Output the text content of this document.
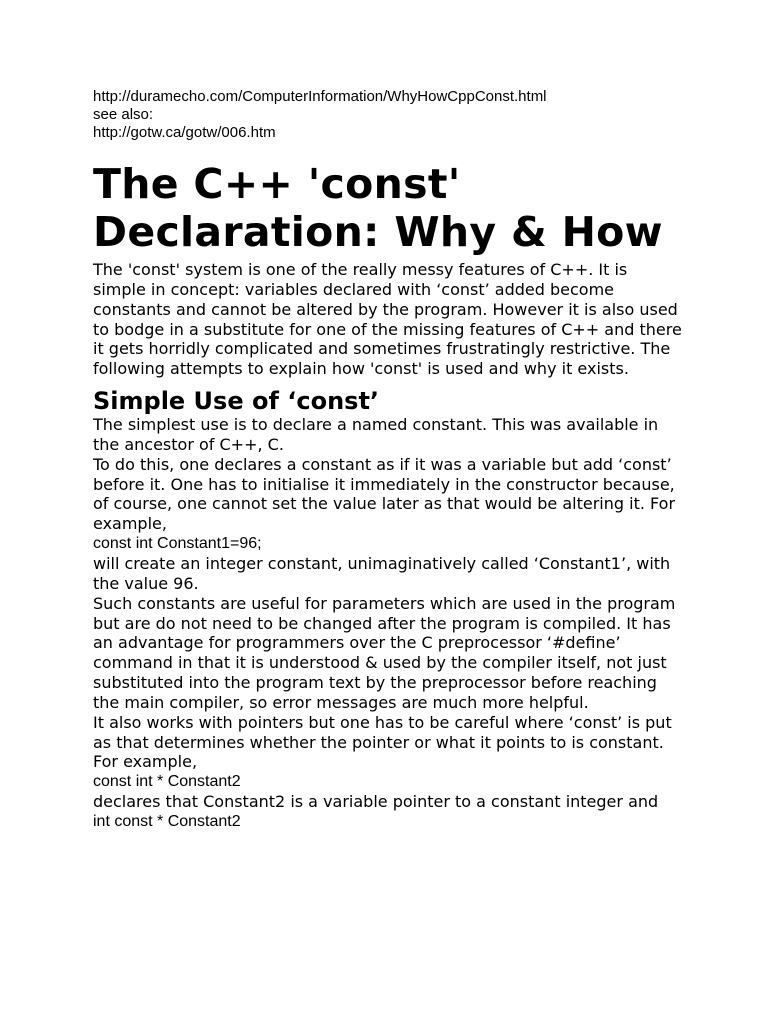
http://duramecho.com/ComputerInformation/WhyHowCppConst.html
see also:
http://gotw.ca/gotw/006.htm
The C++ 'const' Declaration: Why & How
The 'const' system is one of the really messy features of C++. It is simple in concept: variables declared with ‘const’ added become constants and cannot be altered by the program. However it is also used to bodge in a substitute for one of the missing features of C++ and there it gets horridly complicated and sometimes frustratingly restrictive. The following attempts to explain how 'const' is used and why it exists.
Simple Use of ‘const’
The simplest use is to declare a named constant. This was available in the ancestor of C++, C.
To do this, one declares a constant as if it was a variable but add ‘const’ before it. One has to initialise it immediately in the constructor because, of course, one cannot set the value later as that would be altering it. For example,
const int Constant1=96;
will create an integer constant, unimaginatively called ‘Constant1’, with the value 96.
Such constants are useful for parameters which are used in the program but are do not need to be changed after the program is compiled. It has an advantage for programmers over the C preprocessor ‘#define’ command in that it is understood & used by the compiler itself, not just substituted into the program text by the preprocessor before reaching the main compiler, so error messages are much more helpful.
It also works with pointers but one has to be careful where ‘const’ is put as that determines whether the pointer or what it points to is constant. For example,
const int * Constant2
declares that Constant2 is a variable pointer to a constant integer and
int const * Constant2
